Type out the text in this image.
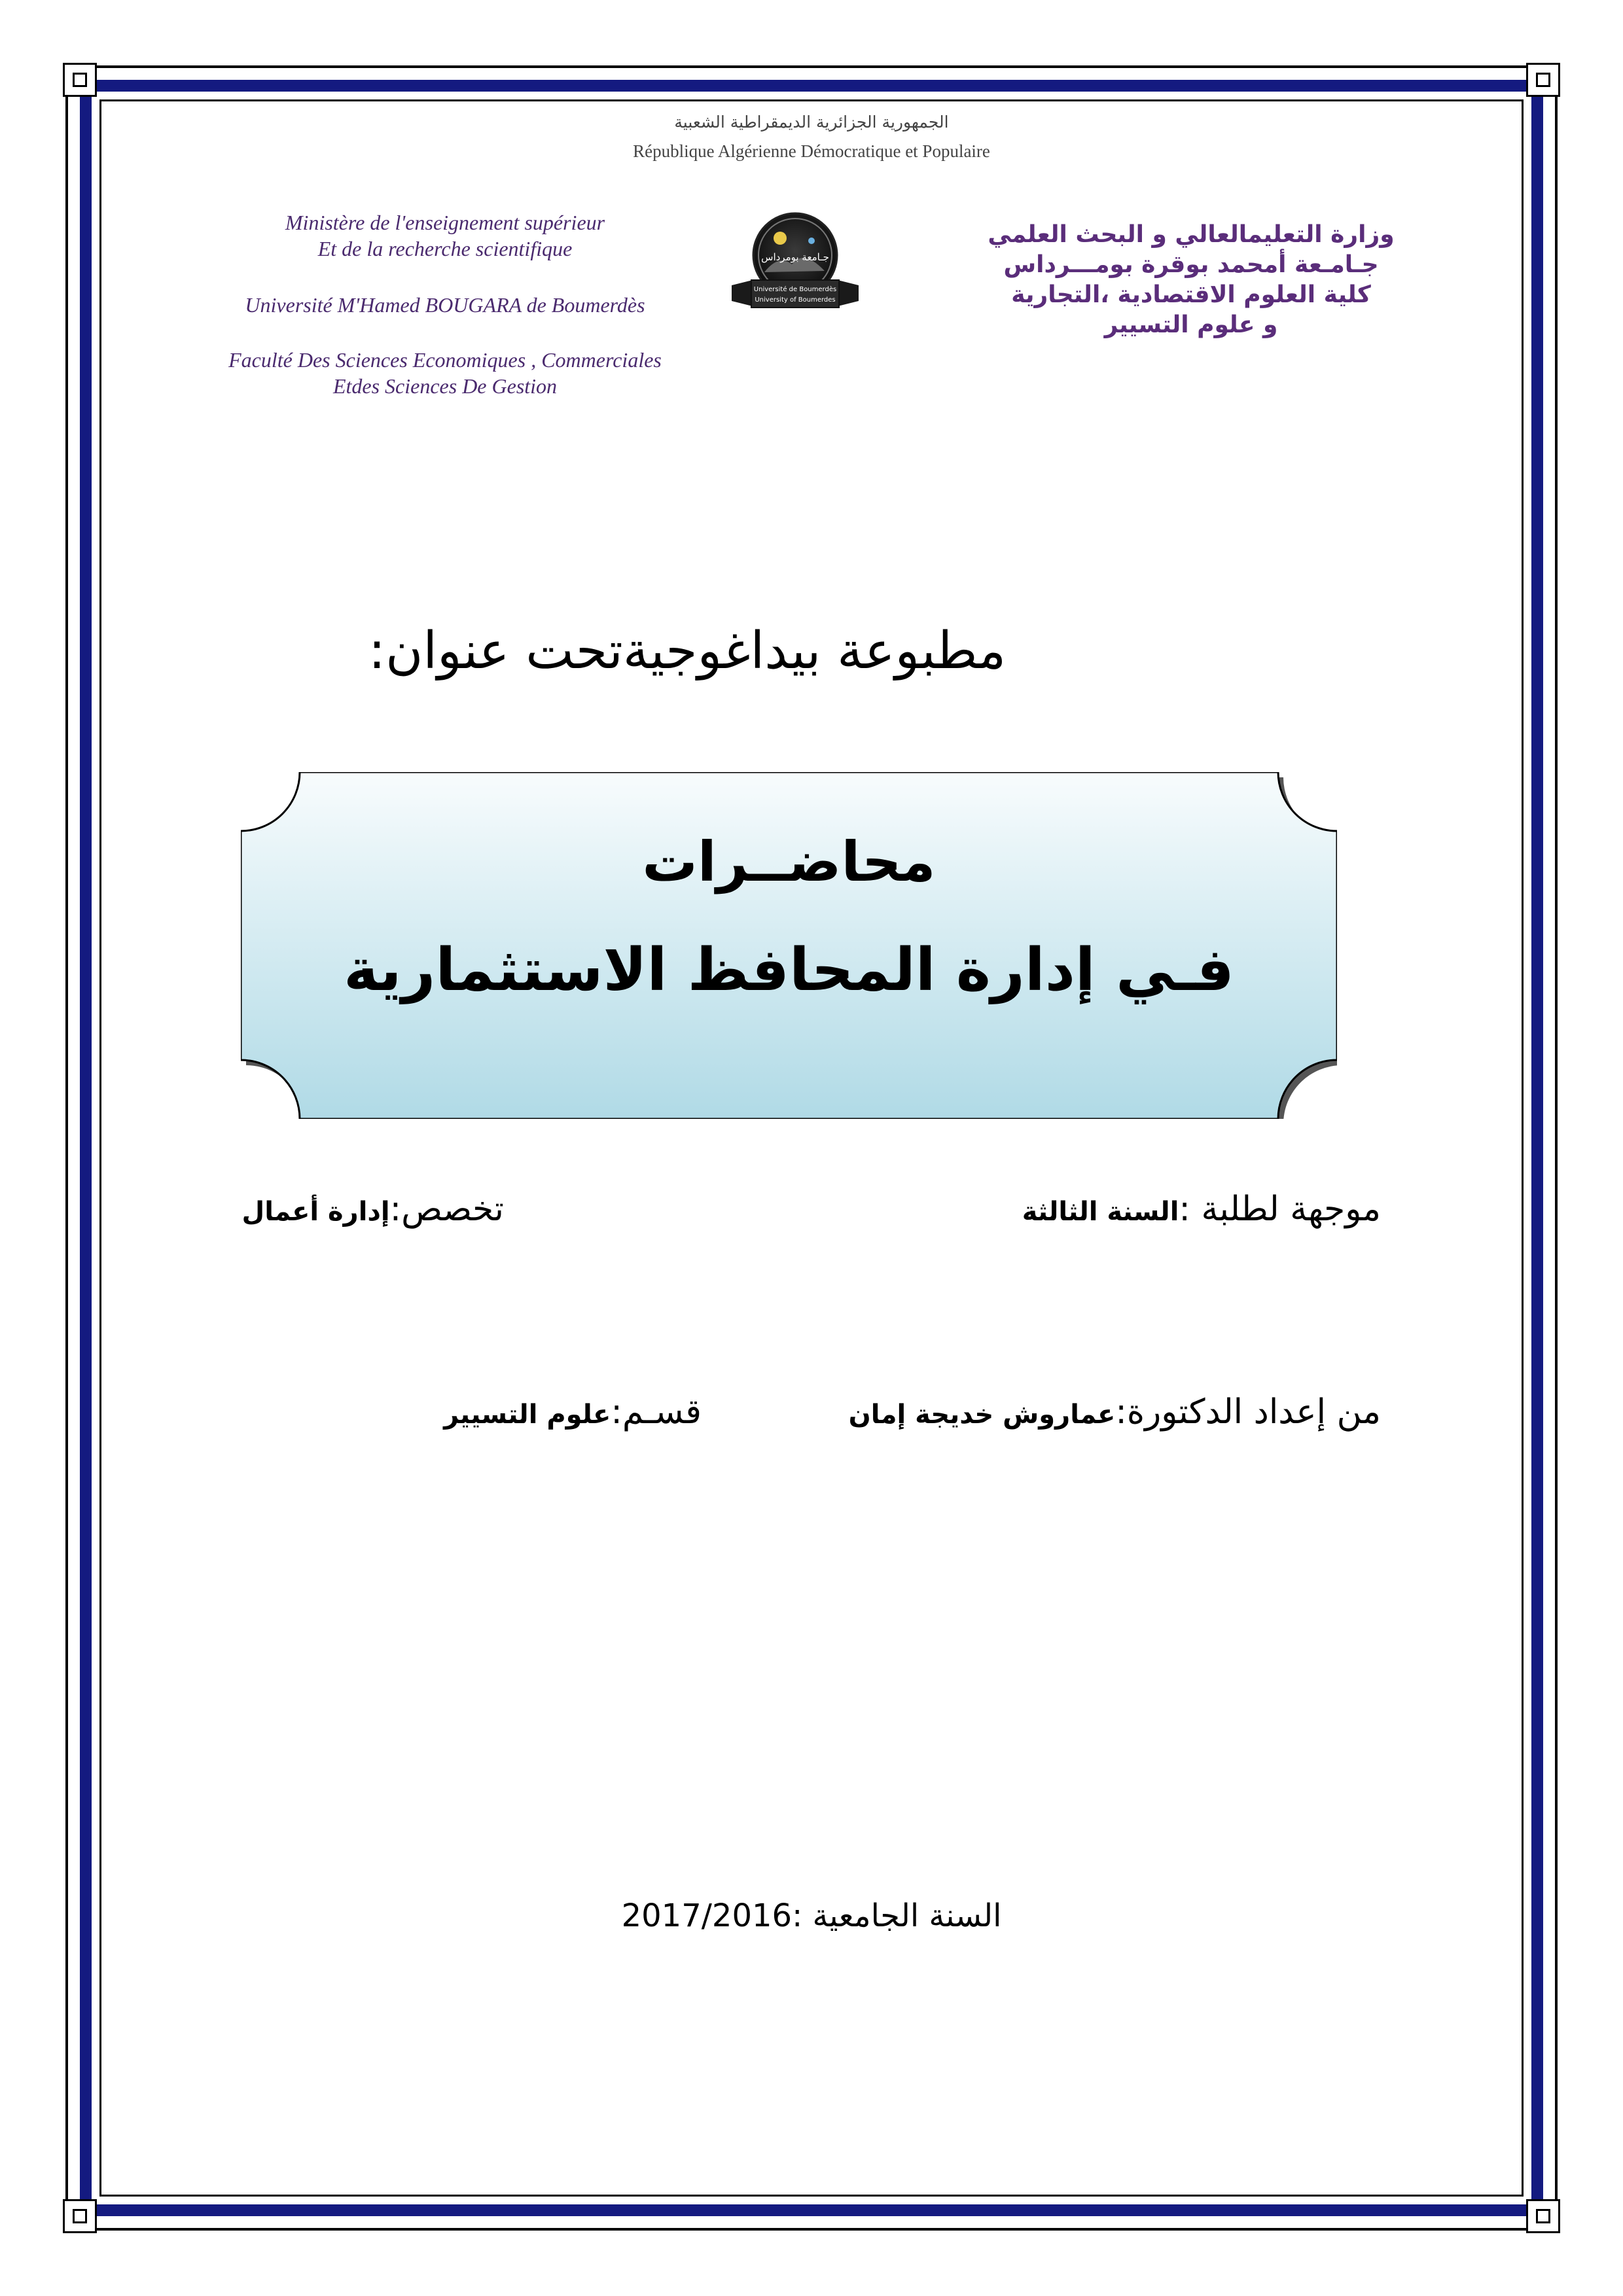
الجمهورية الجزائرية الديمقراطية الشعبية
République Algérienne Démocratique et Populaire
Ministère de l'enseignement supérieur
Et de la recherche scientifique
Université M'Hamed BOUGARA de Boumerdès
Faculté Des Sciences Economiques , Commerciales
Etdes Sciences De Gestion
جـامعة بومرداس
Université de Boumerdès
University of Boumerdes
وزارة التعليمالعالي و البحث العلمي
جـامـعة أمحمد بوقرة بومـــرداس
كلية العلوم الاقتصادية ،التجارية
و علوم التسيير
مطبوعة بيداغوجيةتحت عنوان:
محاضــرات
فـي إدارة المحافظ الاستثمارية
موجهة لطلبة :السنة الثالثة
تخصص:إدارة أعمال
من إعداد الدكتورة:عماروش خديجة إمان
قسـم:علوم التسيير
السنة الجامعية :2017/2016
